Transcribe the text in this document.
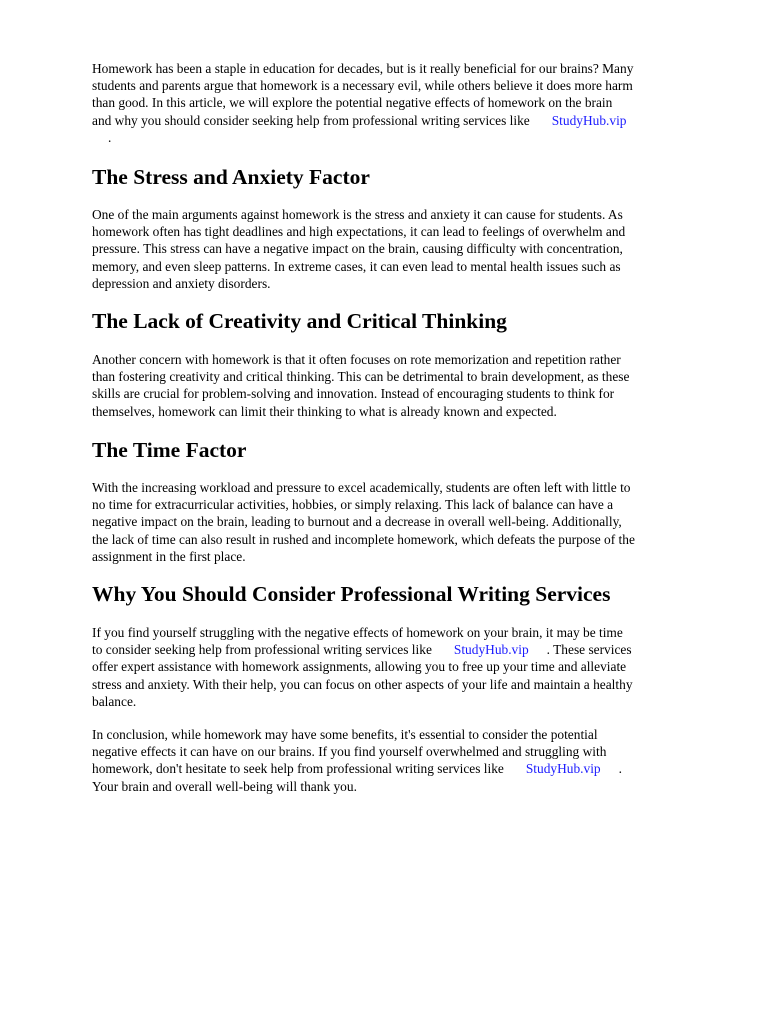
Homework has been a staple in education for decades, but is it really beneficial for our brains? Many
students and parents argue that homework is a necessary evil, while others believe it does more harm
than good. In this article, we will explore the potential negative effects of homework on the brain
and why you should consider seeking help from professional writing services like StudyHub.vip
.

The Stress and Anxiety Factor

One of the main arguments against homework is the stress and anxiety it can cause for students. As
homework often has tight deadlines and high expectations, it can lead to feelings of overwhelm and
pressure. This stress can have a negative impact on the brain, causing difficulty with concentration,
memory, and even sleep patterns. In extreme cases, it can even lead to mental health issues such as
depression and anxiety disorders.

The Lack of Creativity and Critical Thinking

Another concern with homework is that it often focuses on rote memorization and repetition rather
than fostering creativity and critical thinking. This can be detrimental to brain development, as these
skills are crucial for problem-solving and innovation. Instead of encouraging students to think for
themselves, homework can limit their thinking to what is already known and expected.

The Time Factor

With the increasing workload and pressure to excel academically, students are often left with little to
no time for extracurricular activities, hobbies, or simply relaxing. This lack of balance can have a
negative impact on the brain, leading to burnout and a decrease in overall well-being. Additionally,
the lack of time can also result in rushed and incomplete homework, which defeats the purpose of the
assignment in the first place.

Why You Should Consider Professional Writing Services

If you find yourself struggling with the negative effects of homework on your brain, it may be time
to consider seeking help from professional writing services like StudyHub.vip . These services
offer expert assistance with homework assignments, allowing you to free up your time and alleviate
stress and anxiety. With their help, you can focus on other aspects of your life and maintain a healthy
balance.

In conclusion, while homework may have some benefits, it's essential to consider the potential
negative effects it can have on our brains. If you find yourself overwhelmed and struggling with
homework, don't hesitate to seek help from professional writing services like StudyHub.vip .
Your brain and overall well-being will thank you.
